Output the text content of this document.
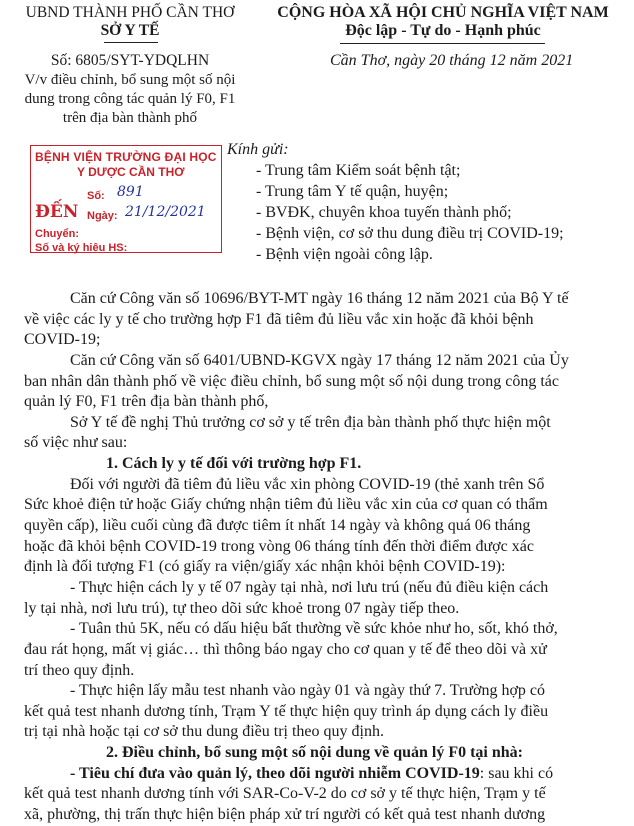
UBND THÀNH PHỐ CẦN THƠ
SỞ Y TẾ
CỘNG HÒA XÃ HỘI CHỦ NGHĨA VIỆT NAM
Độc lập - Tự do - Hạnh phúc
Số: 6805/SYT-YDQLHN
V/v điều chỉnh, bổ sung một số nội
dung trong công tác quản lý F0, F1
trên địa bàn thành phố
Cần Thơ, ngày 20 tháng 12 năm 2021
BỆNH VIỆN TRƯỜNG ĐẠI HỌC
Y DƯỢC CẦN THƠ
ĐẾN
Số: 891
Ngày: 21/12/2021
Chuyển:
Số và ký hiệu HS:
Kính gửi:
- Trung tâm Kiểm soát bệnh tật;
- Trung tâm Y tế quận, huyện;
- BVĐK, chuyên khoa tuyến thành phố;
- Bệnh viện, cơ sở thu dung điều trị COVID-19;
- Bệnh viện ngoài công lập.
Căn cứ Công văn số 10696/BYT-MT ngày 16 tháng 12 năm 2021 của Bộ Y tế
về việc các ly y tế cho trường hợp F1 đã tiêm đủ liều vắc xin hoặc đã khỏi bệnh
COVID-19;
Căn cứ Công văn số 6401/UBND-KGVX ngày 17 tháng 12 năm 2021 của Ủy
ban nhân dân thành phố về việc điều chỉnh, bổ sung một số nội dung trong công tác
quản lý F0, F1 trên địa bàn thành phố,
Sở Y tế đề nghị Thủ trưởng cơ sở y tế trên địa bàn thành phố thực hiện một
số việc như sau:
1. Cách ly y tế đối với trường hợp F1.
Đối với người đã tiêm đủ liều vắc xin phòng COVID-19 (thẻ xanh trên Sổ
Sức khoẻ điện tử hoặc Giấy chứng nhận tiêm đủ liều vắc xin của cơ quan có thẩm
quyền cấp), liều cuối cùng đã được tiêm ít nhất 14 ngày và không quá 06 tháng
hoặc đã khỏi bệnh COVID-19 trong vòng 06 tháng tính đến thời điểm được xác
định là đối tượng F1 (có giấy ra viện/giấy xác nhận khỏi bệnh COVID-19):
- Thực hiện cách ly y tế 07 ngày tại nhà, nơi lưu trú (nếu đủ điều kiện cách
ly tại nhà, nơi lưu trú), tự theo dõi sức khoẻ trong 07 ngày tiếp theo.
- Tuân thủ 5K, nếu có dấu hiệu bất thường về sức khỏe như ho, sốt, khó thở,
đau rát họng, mất vị giác… thì thông báo ngay cho cơ quan y tế để theo dõi và xử
trí theo quy định.
- Thực hiện lấy mẫu test nhanh vào ngày 01 và ngày thứ 7. Trường hợp có
kết quả test nhanh dương tính, Trạm Y tế thực hiện quy trình áp dụng cách ly điều
trị tại nhà hoặc tại cơ sở thu dung điều trị theo quy định.
2. Điều chỉnh, bổ sung một số nội dung về quản lý F0 tại nhà:
- Tiêu chí đưa vào quản lý, theo dõi người nhiễm COVID-19: sau khi có
kết quả test nhanh dương tính với SAR-Co-V-2 do cơ sở y tế thực hiện, Trạm y tế
xã, phường, thị trấn thực hiện biện pháp xử trí người có kết quả test nhanh dương
